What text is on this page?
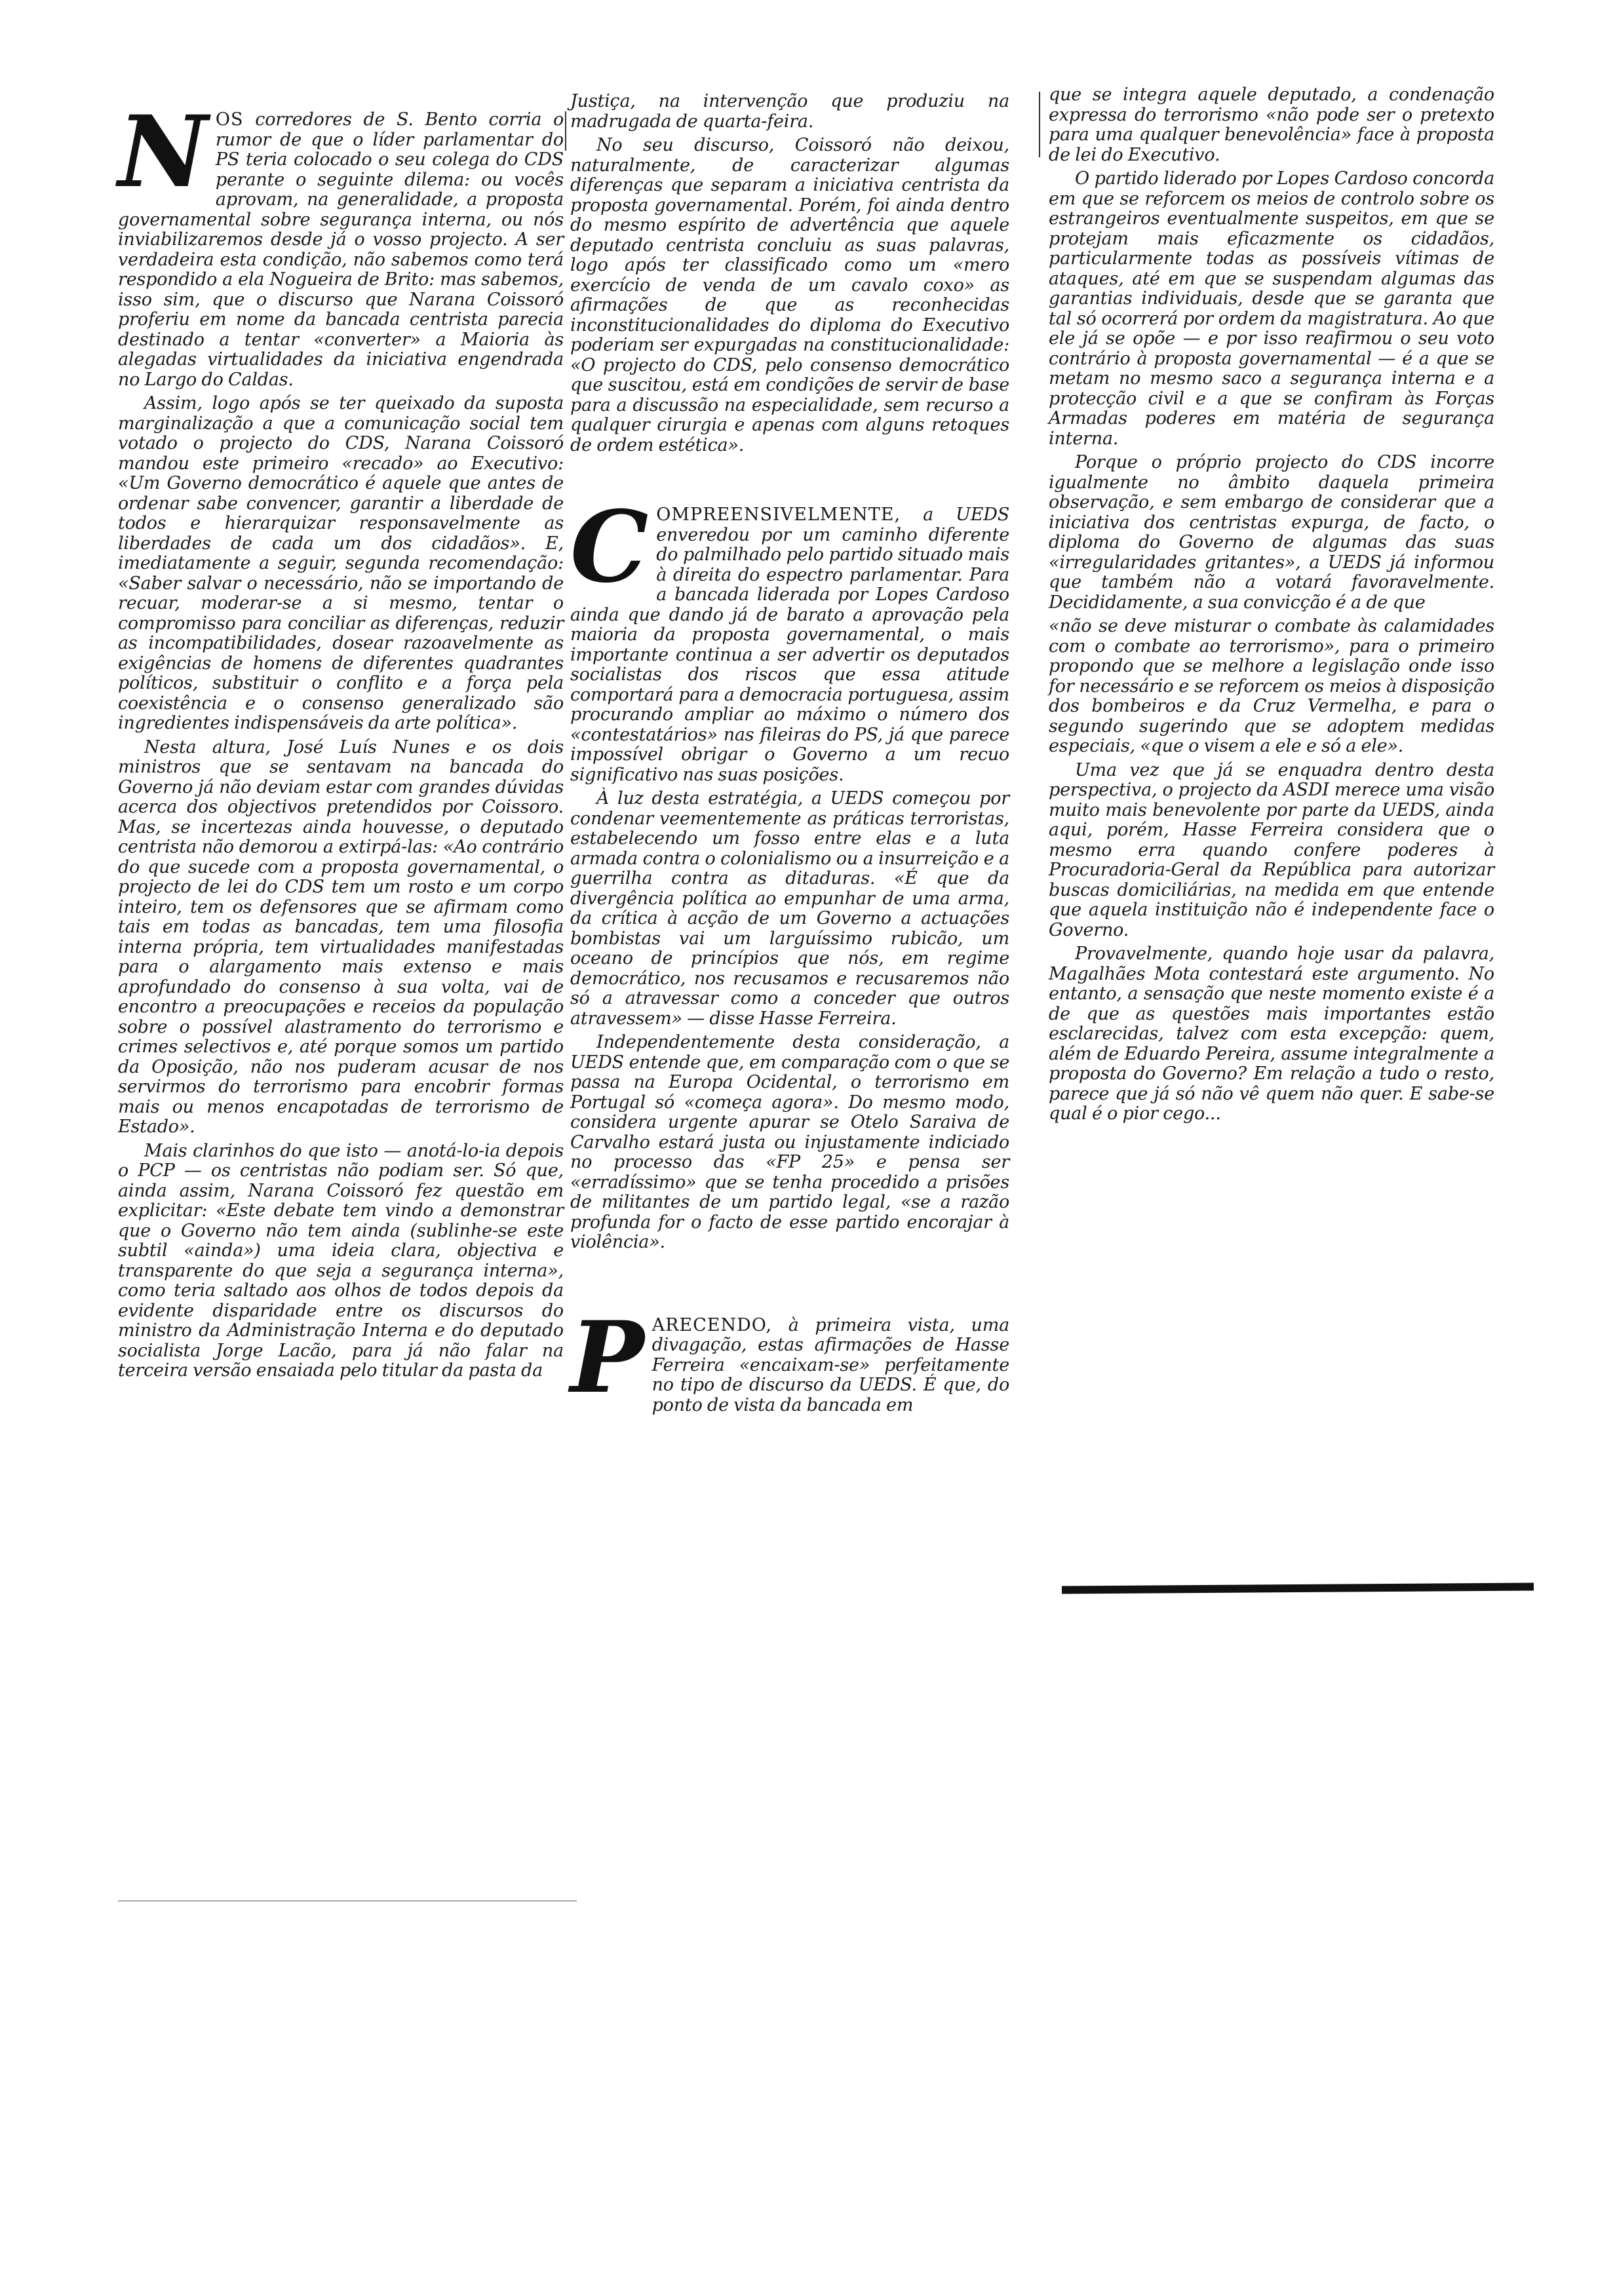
NOS corredores de S. Bento corria o rumor de que o líder parlamentar do PS teria colocado o seu colega do CDS perante o seguinte dilema: ou vocês aprovam, na generalidade, a proposta governamental sobre segurança interna, ou nós inviabilizaremos desde já o vosso projecto. A ser verdadeira esta condição, não sabemos como terá respondido a ela Nogueira de Brito: mas sabemos, isso sim, que o discurso que Narana Coissoró proferiu em nome da bancada centrista parecia destinado a tentar «converter» a Maioria às alegadas virtualidades da iniciativa engendrada no Largo do Caldas.

Assim, logo após se ter queixado da suposta marginalização a que a comunicação social tem votado o projecto do CDS, Narana Coissoró mandou este primeiro «recado» ao Executivo: «Um Governo democrático é aquele que antes de ordenar sabe convencer, garantir a liberdade de todos e hierarquizar responsavelmente as liberdades de cada um dos cidadãos». E, imediatamente a seguir, segunda recomendação: «Saber salvar o necessário, não se importando de recuar, moderar-se a si mesmo, tentar o compromisso para conciliar as diferenças, reduzir as incompatibilidades, dosear razoavelmente as exigências de homens de diferentes quadrantes políticos, substituir o conflito e a força pela coexistência e o consenso generalizado são ingredientes indispensáveis da arte política».

Nesta altura, José Luís Nunes e os dois ministros que se sentavam na bancada do Governo já não deviam estar com grandes dúvidas acerca dos objectivos pretendidos por Coissoro. Mas, se incertezas ainda houvesse, o deputado centrista não demorou a extirpá-las: «Ao contrário do que sucede com a proposta governamental, o projecto de lei do CDS tem um rosto e um corpo inteiro, tem os defensores que se afirmam como tais em todas as bancadas, tem uma filosofia interna própria, tem virtualidades manifestadas para o alargamento mais extenso e mais aprofundado do consenso à sua volta, vai de encontro a preocupações e receios da população sobre o possível alastramento do terrorismo e crimes selectivos e, até porque somos um partido da Oposição, não nos puderam acusar de nos servirmos do terrorismo para encobrir formas mais ou menos encapotadas de terrorismo de Estado».

Mais clarinhos do que isto — anotá-lo-ia depois o PCP — os centristas não podiam ser. Só que, ainda assim, Narana Coissoró fez questão em explicitar: «Este debate tem vindo a demonstrar que o Governo não tem ainda (sublinhe-se este subtil «ainda») uma ideia clara, objectiva e transparente do que seja a segurança interna», como teria saltado aos olhos de todos depois da evidente disparidade entre os discursos do ministro da Administração Interna e do deputado socialista Jorge Lacão, para já não falar na terceira versão ensaiada pelo titular da pasta da

Justiça, na intervenção que produziu na madrugada de quarta-feira.

No seu discurso, Coissoró não deixou, naturalmente, de caracterizar algumas diferenças que separam a iniciativa centrista da proposta governamental. Porém, foi ainda dentro do mesmo espírito de advertência que aquele deputado centrista concluiu as suas palavras, logo após ter classificado como um «mero exercício de venda de um cavalo coxo» as afirmações de que as reconhecidas inconstitucionalidades do diploma do Executivo poderiam ser expurgadas na constitucionalidade: «O projecto do CDS, pelo consenso democrático que suscitou, está em condições de servir de base para a discussão na especialidade, sem recurso a qualquer cirurgia e apenas com alguns retoques de ordem estética».

COMPREENSIVELMENTE, a UEDS enveredou por um caminho diferente do palmilhado pelo partido situado mais à direita do espectro parlamentar. Para a bancada liderada por Lopes Cardoso ainda que dando já de barato a aprovação pela maioria da proposta governamental, o mais importante continua a ser advertir os deputados socialistas dos riscos que essa atitude comportará para a democracia portuguesa, assim procurando ampliar ao máximo o número dos «contestatários» nas fileiras do PS, já que parece impossível obrigar o Governo a um recuo significativo nas suas posições.

À luz desta estratégia, a UEDS começou por condenar veementemente as práticas terroristas, estabelecendo um fosso entre elas e a luta armada contra o colonialismo ou a insurreição e a guerrilha contra as ditaduras. «É que da divergência política ao empunhar de uma arma, da crítica à acção de um Governo a actuações bombistas vai um larguíssimo rubicão, um oceano de princípios que nós, em regime democrático, nos recusamos e recusaremos não só a atravessar como a conceder que outros atravessem» — disse Hasse Ferreira.

Independentemente desta consideração, a UEDS entende que, em comparação com o que se passa na Europa Ocidental, o terrorismo em Portugal só «começa agora». Do mesmo modo, considera urgente apurar se Otelo Saraiva de Carvalho estará justa ou injustamente indiciado no processo das «FP 25» e pensa ser «erradíssimo» que se tenha procedido a prisões de militantes de um partido legal, «se a razão profunda for o facto de esse partido encorajar à violência».

PARECENDO, à primeira vista, uma divagação, estas afirmações de Hasse Ferreira «encaixam-se» perfeitamente no tipo de discurso da UEDS. É que, do ponto de vista da bancada em

que se integra aquele deputado, a condenação expressa do terrorismo «não pode ser o pretexto para uma qualquer benevolência» face à proposta de lei do Executivo.

O partido liderado por Lopes Cardoso concorda em que se reforcem os meios de controlo sobre os estrangeiros eventualmente suspeitos, em que se protejam mais eficazmente os cidadãos, particularmente todas as possíveis vítimas de ataques, até em que se suspendam algumas das garantias individuais, desde que se garanta que tal só ocorrerá por ordem da magistratura. Ao que ele já se opõe — e por isso reafirmou o seu voto contrário à proposta governamental — é a que se metam no mesmo saco a segurança interna e a protecção civil e a que se confiram às Forças Armadas poderes em matéria de segurança interna.

Porque o próprio projecto do CDS incorre igualmente no âmbito daquela primeira observação, e sem embargo de considerar que a iniciativa dos centristas expurga, de facto, o diploma do Governo de algumas das suas «irregularidades gritantes», a UEDS já informou que também não a votará favoravelmente. Decididamente, a sua convicção é a de que

«não se deve misturar o combate às calamidades com o combate ao terrorismo», para o primeiro propondo que se melhore a legislação onde isso for necessário e se reforcem os meios à disposição dos bombeiros e da Cruz Vermelha, e para o segundo sugerindo que se adoptem medidas especiais, «que o visem a ele e só a ele».

Uma vez que já se enquadra dentro desta perspectiva, o projecto da ASDI merece uma visão muito mais benevolente por parte da UEDS, ainda aqui, porém, Hasse Ferreira considera que o mesmo erra quando confere poderes à Procuradoria-Geral da República para autorizar buscas domiciliárias, na medida em que entende que aquela instituição não é independente face o Governo.

Provavelmente, quando hoje usar da palavra, Magalhães Mota contestará este argumento. No entanto, a sensação que neste momento existe é a de que as questões mais importantes estão esclarecidas, talvez com esta excepção: quem, além de Eduardo Pereira, assume integralmente a proposta do Governo? Em relação a tudo o resto, parece que já só não vê quem não quer. E sabe-se qual é o pior cego...
